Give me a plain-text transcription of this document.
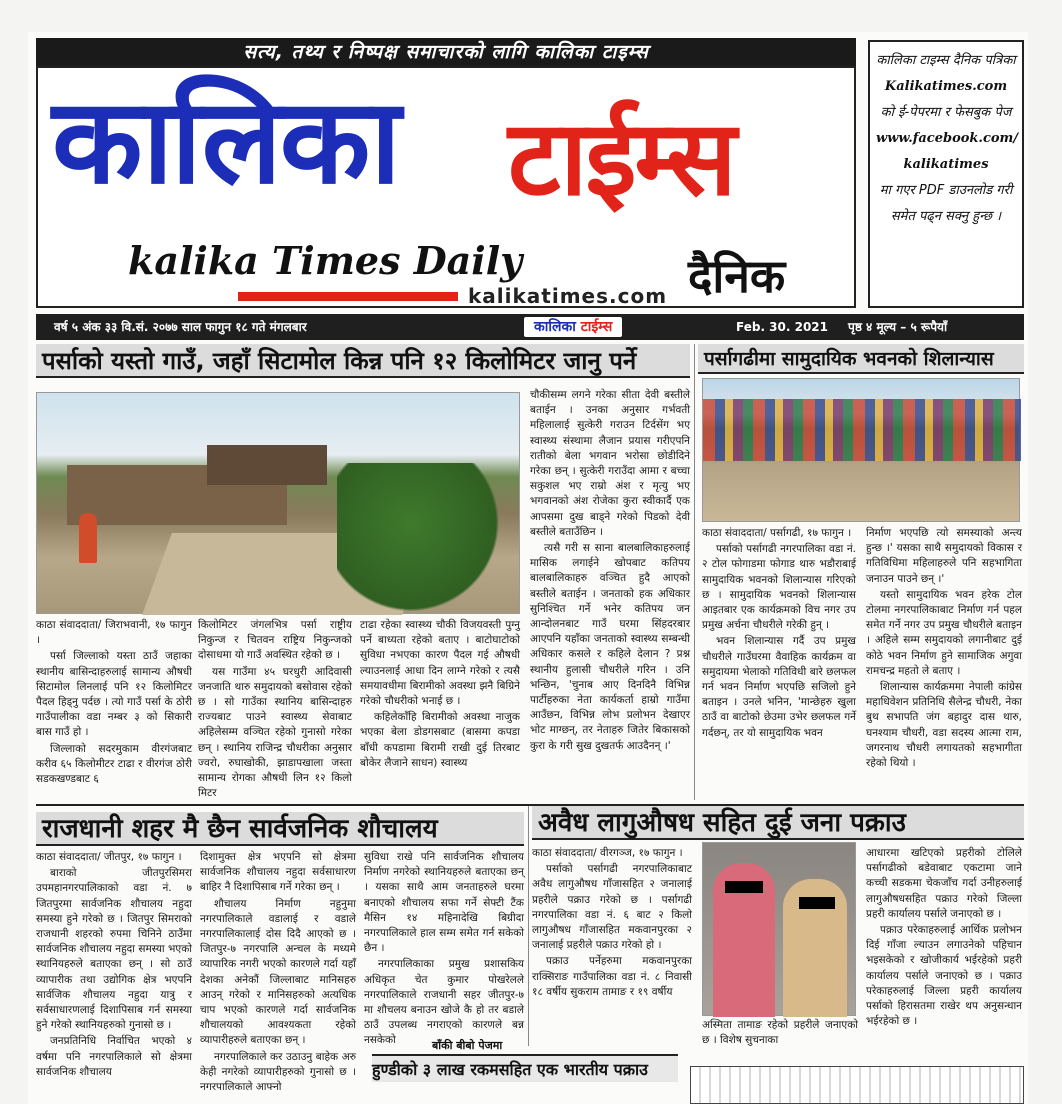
सत्य, तथ्य र निष्पक्ष समाचारको लागि कालिका टाइम्स
कालिका टाईम्स
kalika Times Daily
kalikatimes.com दैनिक
कालिका टाइम्स दैनिक पत्रिका
Kalikatimes.com
को ई-पेपरमा र फेसबुक पेज
www.facebook.com/ kalikatimes
मा गएर PDF डाउनलोड गरी समेत पढ्न सक्नु हुन्छ ।
वर्ष ५ अंक ३३ वि.सं. २०७७ साल फागुन १८ गते मंगलबार	कालिका टाईम्स	Feb. 30. 2021 पृष्ठ ४ मूल्य – ५ रूपैयाँ
पर्साको यस्तो गाउँ, जहाँ सिटामोल किन्न पनि १२ किलोमिटर जानु पर्ने

काठा संवाददाता/ जिराभवानी, १७ फागुन ।

पर्सा जिल्लाको यस्ता ठाउँ जहाका स्थानीय बासिन्दाहरुलाई सामान्य औषधी सिटामोल लिनलाई पनि १२ किलोमिटर पैदल हिड्नु पर्दछ । त्यो गाउँ पर्सा के ठोरी गाउँपालीका वडा नम्बर ३ को सिकारी बास गाउँ हो ।

जिल्लाको सदरमुकाम वीरगंजबाट करीव ६५ किलोमीटर टाढा र वीरगंज ठोरी सडकखण्डबाट ६

किलोमिटर जंगलभित्र पर्सा राष्ट्रीय निकुन्ज र चितवन राष्ट्रिय निकुन्जको दोसाधमा यो गाउँ अवस्थित रहेको छ ।

यस गाउँमा ४५ घरधुरी आदिवासी जनजाति थारु समुदायको बसोवास रहेको छ । सो गाउँका स्थानिय बासिन्दाहरु राज्यबाट पाउने स्वास्थ्य सेवाबाट अहिलेसम्म वञ्चित रहेको गुनासो गरेका छन् । स्थानिय राजिन्द्र चौधरीका अनुसार ज्वरो, रुघाखोकी, झाडापखाला जस्ता सामान्य रोगका औषधी लिन १२ किलो मिटर

टाढा रहेका स्वास्थ्य चौकी विजयवस्ती पुग्नु पर्ने बाध्यता रहेको बताए । बाटोघाटोको सुविधा नभएका कारण पैदल गई औषधी ल्याउनलाई आधा दिन लाग्ने गरेको र त्यसै समयावधीमा बिरामीको अवस्था झनै बिग्रिने गरेको चौधरीको भनाई छ ।

कहिलेकाँहि बिरामीको अवस्था नाजुक भएका बेला डोडगसबाट (बासमा कपडा बाँधी कपडामा बिरामी राखी दुई तिरबाट बोकेर लैजाने साधन) स्वास्थ्य

चौकीसम्म लगने गरेका सीता देवी बस्तीले बताईन । उनका अनुसार गर्भवती महिलालाई सुत्केरी गराउन टिर्दसेंग भए स्वास्थ्य संस्थामा लैजान प्रयास गरीएपनि रातीको बेला भगवान भरोसा छोडीदिने गरेका छन् । सुत्केरी गराउँदा आमा र बच्चा सकुशल भए राम्रो अंश र मृत्यु भए भगवानको अंश रोजेका कुरा स्वीकार्दै एक आपसमा दुख बाड्ने गरेको पिडको देवी बस्तीले बताउँछिन ।

त्यसै गरी स साना बालबालिकाहरुलाई मासिक लगाईने खोपबाट कतिपय बालबालिकाहरु वञ्चित हुदै आएको बस्तीले बताईन । जनताको हक अधिकार सुनिश्चित गर्ने भनेर कतिपय जन आन्दोलनबाट गाउँ घरमा सिंहदरबार आएपनि यहाँका जनताको स्वास्थ्य सम्बन्धी अधिकार कसले र कहिले देलान ? प्रश्न स्थानीय हुलासी चौधरीले गरिन । उनि भन्छिन, 'चुनाब आए दिनदिनै विभिन्न पार्टीहरुका नेता कार्यकर्ता हाम्रो गाउँमा आउँछन, विभिन्न लोभ प्रलोभन देखाएर भोट माग्छन्, तर नेताहरु जितेर बिकासको कुरा के गरी सुख दुखतर्फ आउदैनन् ।'

पर्सागढीमा सामुदायिक भवनको शिलान्यास

काठा संवाददाता/ पर्सागढी, १७ फागुन ।

पर्साको पर्सागढी नगरपालिका वडा नं. २ टोल फोगाडमा फोगाड थारु भडौराबाई सामुदायिक भवनको शिलान्यास गरिएको छ । सामुदायिक भवनको शिलान्यास आइतबार एक कार्यक्रमको विच नगर उप प्रमुख अर्चना चौधरीले गरेकी हुन् ।

भवन शिलान्यास गर्दै उप प्रमुख चौधरीले गाउँघरमा वैवाहिक कार्यक्रम वा समुदायमा भेलाको गतिविधी बारे छलफल गर्न भवन निर्माण भएपछि सजिलो हुने बताइन । उनले भनिन, 'मान्छेहरु खुला ठाउँ वा बाटोको छेउमा उभेर छलफल गर्ने गर्दछन्, तर यो सामुदायिक भवन

निर्माण भएपछि त्यो समस्याको अन्त्य हुन्छ ।' यसका साथै समुदायको विकास र गतिविधिमा महिलाहरुले पनि सहभागिता जनाउन पाउने छन् ।'

यस्तो सामुदायिक भवन हरेक टोल टोलमा नगरपालिकाबाट निर्माण गर्न पहल समेत गर्ने नगर उप प्रमुख चौधरीले बताइन । अहिले सम्म समुदायको लगानीबाट दुई कोठे भवन निर्माण हुने सामाजिक अगुवा रामचन्द्र महतो ले बताए ।

शिलान्यास कार्यक्रममा नेपाली कांग्रेस महाधिवेशन प्रतिनिधि सैलेन्द्र चौधरी, नेका बुथ सभापति जंग बहादुर दास थारु, घनश्याम चौधरी, वडा सदस्य आत्मा राम, जगरनाथ चौधरी लगायतको सहभागीता रहेको थियो ।

राजधानी शहर मै छैन सार्वजनिक शौचालय

काठा संवाददाता/ जीतपुर, १७ फागुन ।

बाराको जीतपुरसिमरा उपमहानगरपालिकाको वडा नं. ७ जितपुरमा सार्वजनिक शौचालय नहुदा समस्या हुने गरेको छ । जितपुर सिमराको राजधानी शहरको रुपमा चिनिने ठाउँमा सार्वजनिक शौचालय नहुदा समस्या भएको स्थानियहरुले बताएका छन् । सो ठाउँ व्यापारीक तथा उद्योगिक क्षेत्र भएपनि सार्वजिक शौचालय नहुदा यात्रु र सर्वसाधारणलाई दिशापिसाब गर्न समस्या हुने गरेको स्थानियहरुको गुनासो छ ।

जनप्रतिनिधि निर्वाचित भएको ४ वर्षमा पनि नगरपालिकाले सो क्षेत्रमा सार्वजनिक शौचालय

दिशामुक्त क्षेत्र भएपनि सो क्षेत्रमा सार्वजनिक शौचालय नहुदा सर्वसाधारण बाहिर नै दिशापिसाब गर्ने गरेका छन् ।

शौचालय निर्माण नहुनुमा नगरपालिकाले वडालाई र वडाले नगरपालिकालाई दोस दिदै आएको छ । जितपुर-७ नगरपालि अन्चल के मध्यमे व्यापारिक नगरी भएको कारणले गर्दा यहाँ देशका अनेकौं जिल्लाबाट मानिसहरु आउन् गरेको र मानिसहरुको अत्यधिक चाप भएको कारणले गर्दा सार्वजनिक शौचालयको आवश्यकता रहेको व्यापारीहरुले बताएका छन् ।

नगरपालिकाले कर उठाउनु बाहेक अरु केही नगरेको व्यापारीहरुको गुनासो छ । नगरपालिकाले आफ्नो

सुविधा राखे पनि सार्वजनिक शौचालय निर्माण नगरेको स्थानियहरुले बताएका छन् । यसका साथै आम जनताहरुले घरमा बनाएको शौचालय सफा गर्ने सेफ्टी टैंक मैसिन १४ महिनादेखि बिग्रीदा नगरपालिकाले हाल सम्म समेत गर्न सकेको छैन ।

नगरपालिकाका प्रमुख प्रशासकिय अधिकृत चेत कुमार पोखरेलले नगरपालिकाले राजधानी सहर जीतपुर-७ मा शौचलय बनाउन खोजे कै हो तर बडाले ठाउँ उपलब्ध नगराएको कारणले बन्न नसकेको	बाँकी बीबो पेजमा
अवैध लागुऔषध सहित दुई जना पक्राउ

काठा संवाददाता/ वीरगञ्ज, १७ फागुन ।

पर्साको पर्सागढी नगरपालिकाबाट अवैध लागुऔषध गाँजासहित २ जनालाई प्रहरीले पक्राउ गरेको छ । पर्सागढी नगरपालिका वडा नं. ६ बाट २ किलो लागुऔषध गाँजासहित मकवानपुरका २ जनालाई प्रहरीले पक्राउ गरेको हो ।

पक्राउ पर्नेहरुमा मकवानपुरका राक्सिराङ गाउँपालिका वडा नं. ८ निवासी १८ वर्षीय सुकराम तामाङ र १९ वर्षीय

अस्मिता तामाङ रहेको प्रहरीले जनाएको छ । विशेष सुचनाका

आधारमा खटिएको प्रहरीको टोलिले पर्सागढीको बडेवाबाट एकटामा जाने कच्ची सडकमा चेकजाँच गर्दा उनीहरुलाई लागुऔषधसहित पक्राउ गरेको जिल्ला प्रहरी कार्यालय पर्साले जनाएको छ ।

पक्राउ परेकाहरुलाई आर्थिक प्रलोभन दिई गाँजा ल्याउन लगाउनेको पहिचान भइसकेको र खोजीकार्य भईरहेको प्रहरी कार्यालय पर्साले जनाएको छ । पक्राउ परेकाहरुलाई जिल्ला प्रहरी कार्यालय पर्साको हिरासतमा राखेर थप अनुसन्धान भईरहेको छ ।

हुण्डीको ३ लाख रकमसहित एक भारतीय पक्राउ
